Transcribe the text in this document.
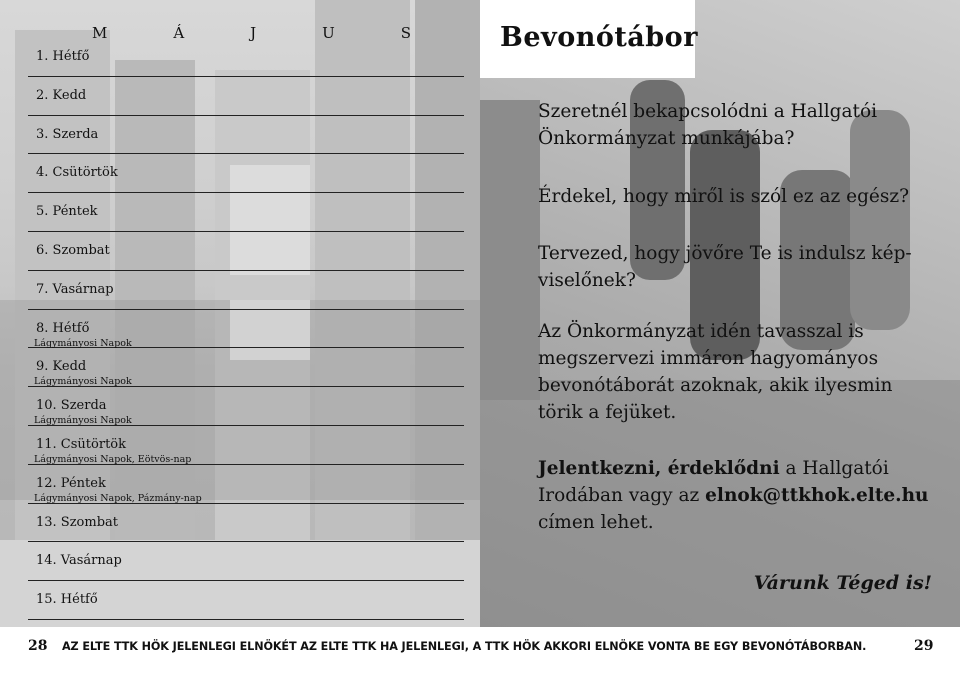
M	Á	J	U	S
1. Hétfő
2. Kedd
3. Szerda
4. Csütörtök
5. Péntek
6. Szombat
7. Vasárnap
8. Hétfő
Lágymányosi Napok
9. Kedd
Lágymányosi Napok
10. Szerda
Lágymányosi Napok
11. Csütörtök
Lágymányosi Napok, Eötvös-nap
12. Péntek
Lágymányosi Napok, Pázmány-nap
13. Szombat
14. Vasárnap
15. Hétfő
Bevonótábor
Szeretnél bekapcsolódni a Hallgatói Önkormányzat munkájába?
Érdekel, hogy miről is szól ez az egész?
Tervezed, hogy jövőre Te is indulsz kép-viselőnek?
Az Önkormányzat idén tavasszal is megszervezi immáron hagyományos bevonótáborát azoknak, akik ilyesmin törik a fejüket.
Jelentkezni, érdeklődni a Hallgatói Irodában vagy az elnok@ttkhok.elte.hu címen lehet.
Várunk Téged is!
28 AZ ELTE TTK HÖK JELENLEGI ELNÖKÉT AZ ELTE TTK HA JELENLEGI, A TTK HÖK AKKORI ELNÖKE VONTA BE EGY BEVONÓTÁBORBAN.	29
